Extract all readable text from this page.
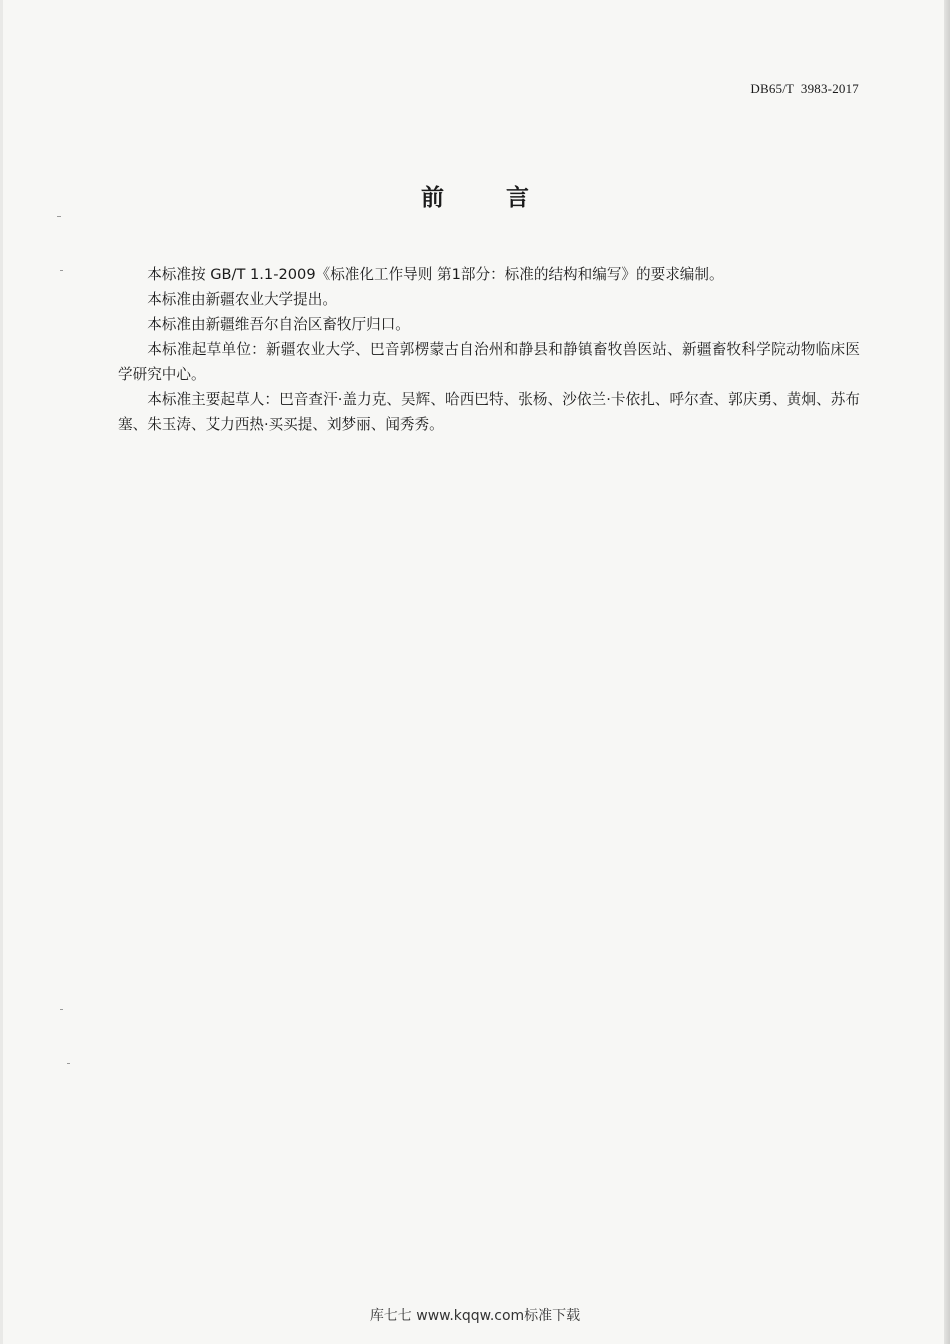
DB65/T  3983-2017
前言

本标准按 GB/T 1.1-2009《标准化工作导则 第1部分：标准的结构和编写》的要求编制。

本标准由新疆农业大学提出。

本标准由新疆维吾尔自治区畜牧厅归口。

本标准起草单位：新疆农业大学、巴音郭楞蒙古自治州和静县和静镇畜牧兽医站、新疆畜牧科学院动物临床医学研究中心。

本标准主要起草人：巴音查汗·盖力克、吴辉、哈西巴特、张杨、沙依兰·卡依扎、呼尔查、郭庆勇、黄炯、苏布塞、朱玉涛、艾力西热·买买提、刘梦丽、闻秀秀。

库七七 www.kqqw.com标准下载
